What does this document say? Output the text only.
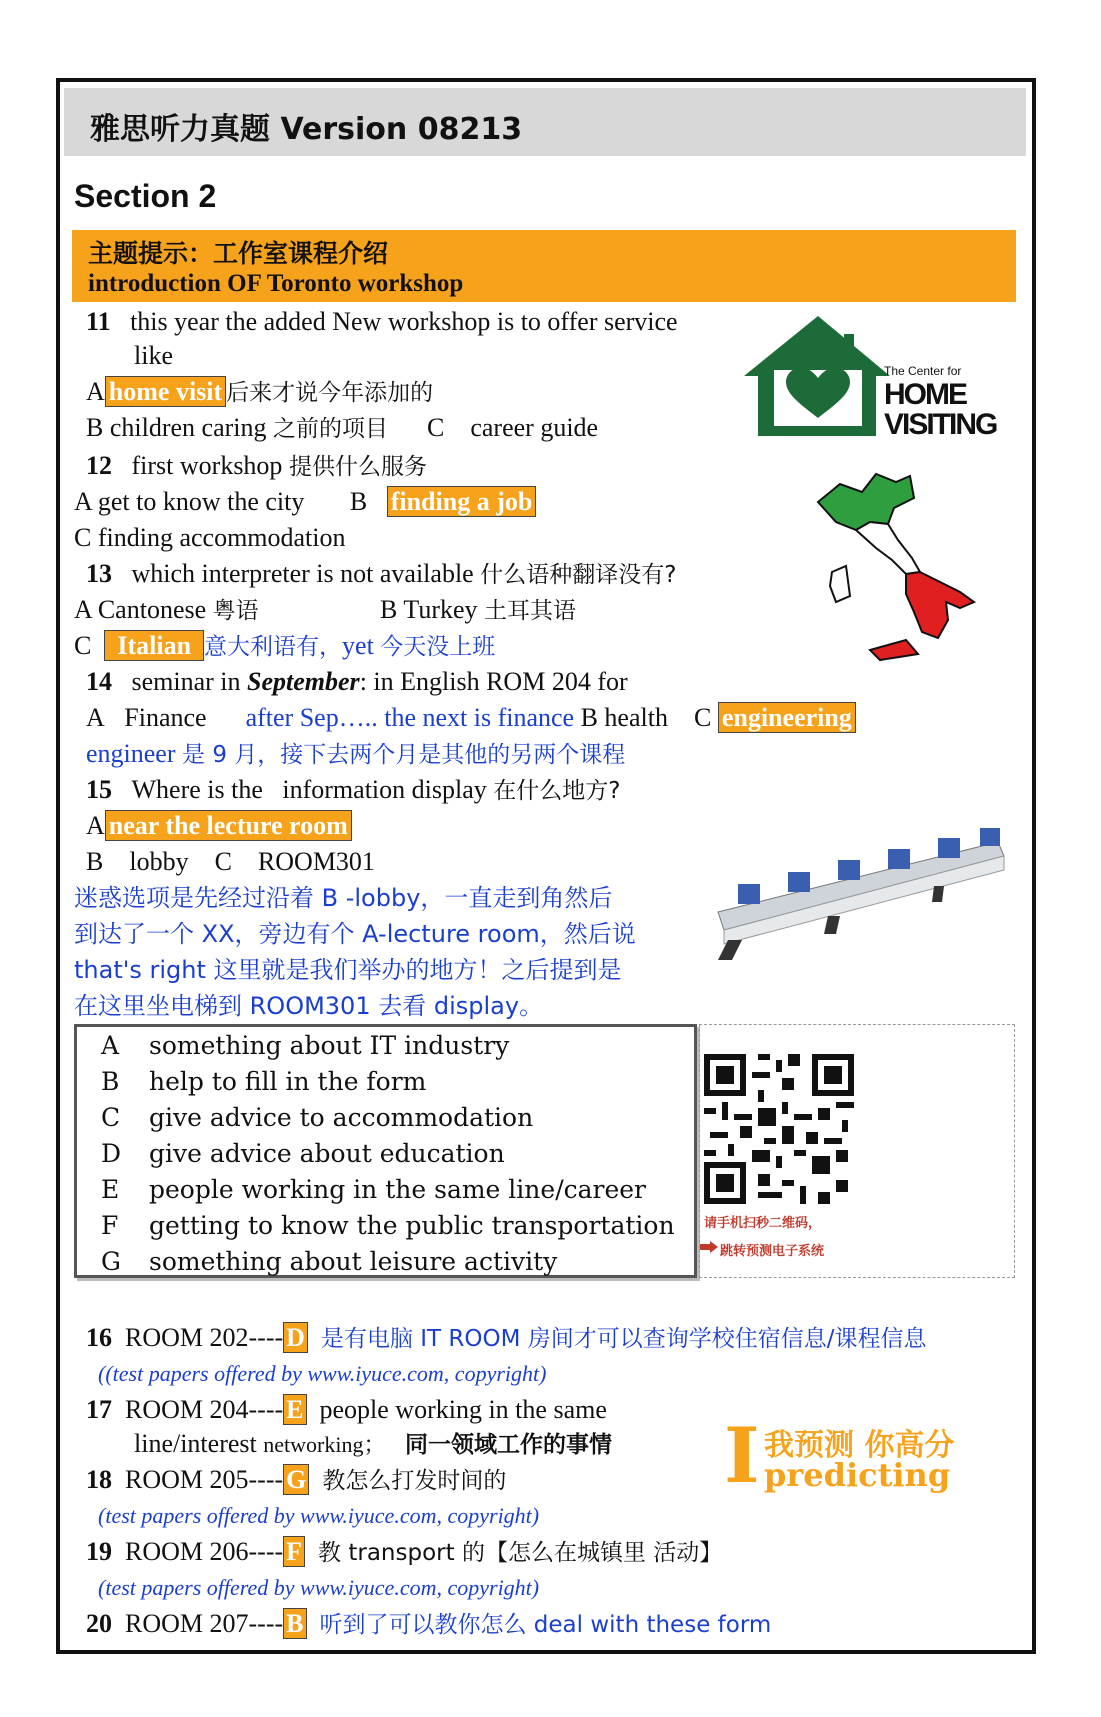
雅思听力真题 Version 08213
Section 2
主题提示：工作室课程介绍
introduction OF Toronto workshop
11 this year the added New workshop is to offer service
like
A home visit 后来才说今年添加的
B children caring 之前的项目 C career guide
The Center for
HOME
VISITING
12 first workshop 提供什么服务
A get to know the city B finding a job
C finding accommodation
13 which interpreter is not available 什么语种翻译没有?
A Cantonese 粤语	B Turkey 土耳其语
C Italian 意大利语有，yet 今天没上班
14 seminar in September: in English ROM 204 for
A Finance after Sep….. the next is finance B health C engineering
engineer 是 9 月，接下去两个月是其他的另两个课程
15 Where is the information display 在什么地方?
A near the lecture room
B lobby C ROOM301
迷惑选项是先经过沿着 B -lobby，一直走到角然后
到达了一个 XX，旁边有个 A-lecture room，然后说
that's right 这里就是我们举办的地方！之后提到是
在这里坐电梯到 ROOM301 去看 display。
A something about IT industry
B help to fill in the form
C give advice to accommodation
D give advice about education
E people working in the same line/career
F getting to know the public transportation
G something about leisure activity
请手机扫秒二维码，
跳转预测电子系统
16 ROOM 202---- D 是有电脑 IT ROOM 房间才可以查询学校住宿信息/课程信息
((test papers offered by www.iyuce.com, copyright)
17 ROOM 204---- E people working in the same
line/interest networking； 同一领域工作的事情
18 ROOM 205---- G 教怎么打发时间的
(test papers offered by www.iyuce.com, copyright)
19 ROOM 206---- F 教 transport 的【怎么在城镇里 活动】
(test papers offered by www.iyuce.com, copyright)
20 ROOM 207---- B 听到了可以教你怎么 deal with these form
I 我预测 你高分
predicting
